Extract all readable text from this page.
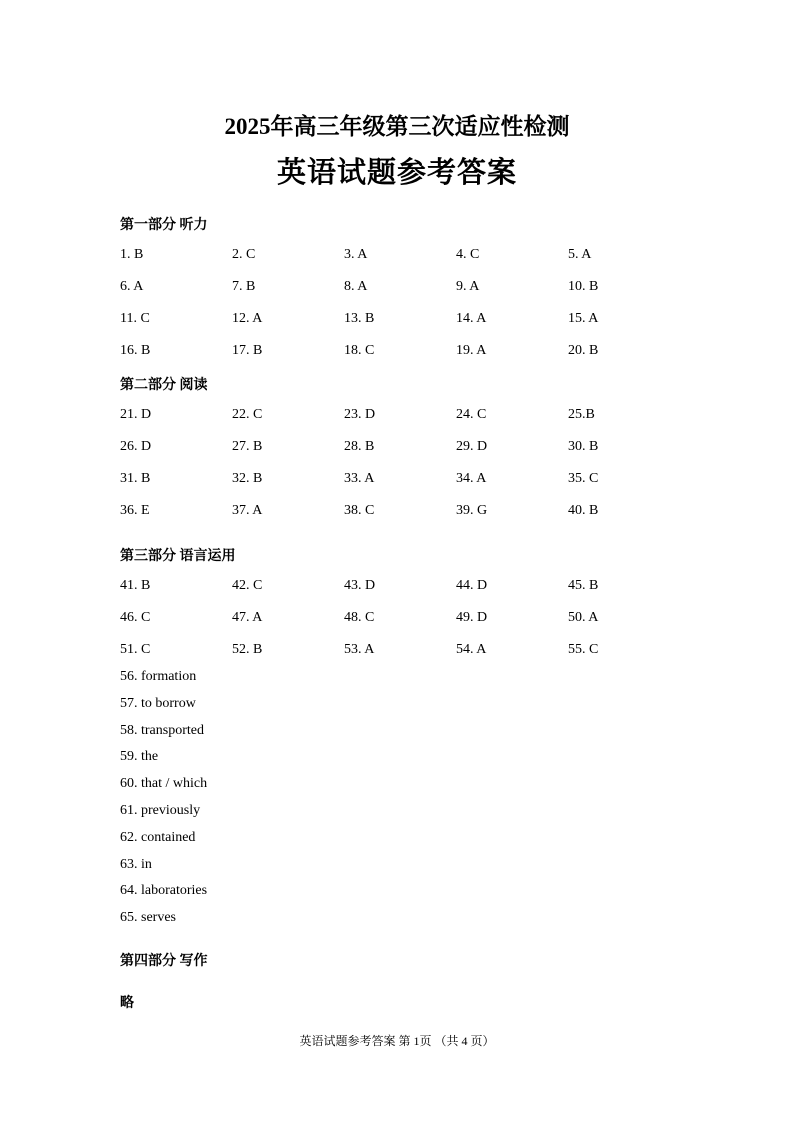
2025年高三年级第三次适应性检测
英语试题参考答案
第一部分 听力
1. B	2. C	3. A	4. C	5. A
6. A	7. B	8. A	9. A	10. B
11. C	12. A	13. B	14. A	15. A
16. B	17. B	18. C	19. A	20. B
第二部分 阅读
21. D	22. C	23. D	24. C	25.B
26. D	27. B	28. B	29. D	30. B
31. B	32. B	33. A	34. A	35. C
36. E	37. A	38. C	39. G	40. B
第三部分 语言运用
41. B	42. C	43. D	44. D	45. B
46. C	47. A	48. C	49. D	50. A
51. C	52. B	53. A	54. A	55. C
56. formation
57. to borrow
58. transported
59. the
60. that / which
61. previously
62. contained
63. in
64. laboratories
65. serves
第四部分 写作
略
英语试题参考答案 第 1页 （共 4 页）
